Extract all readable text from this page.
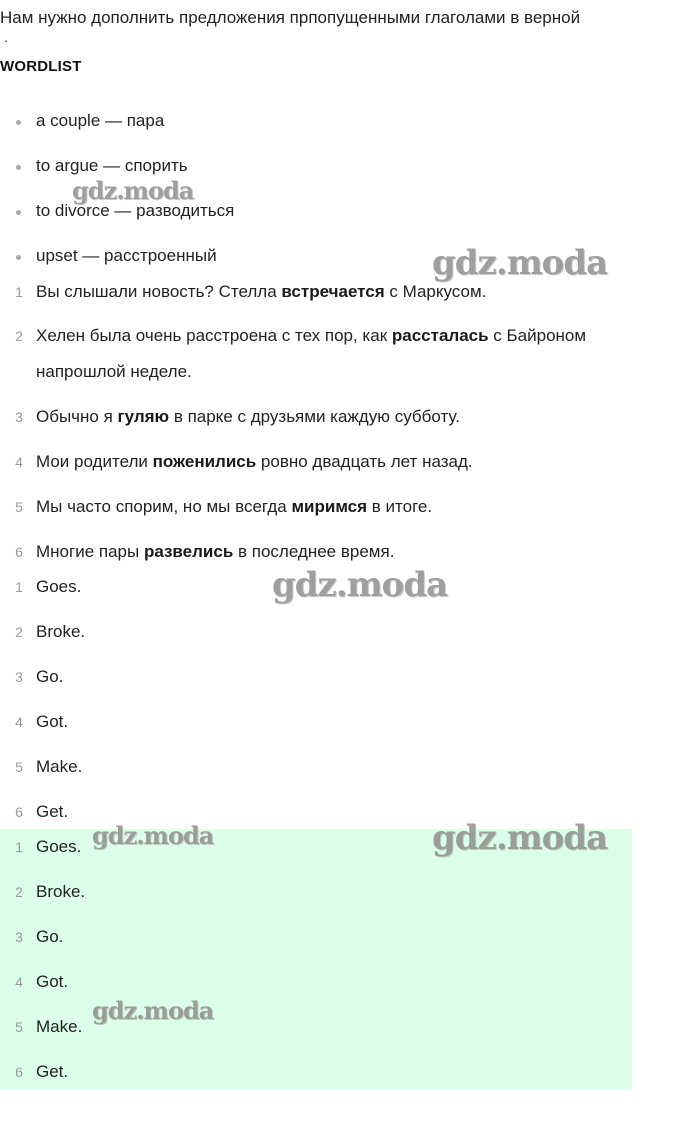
Нам нужно дополнить предложения прпопущенными глаголами в верной
.
WORDLIST
a couple — пара
to argue — спорить
to divorce — разводиться
upset — расстроенный
1 Вы слышали новость? Стелла встречается с Маркусом.
2 Хелен была очень расстроена с тех пор, как рассталась с Байроном
напрошлой неделе.
3 Обычно я гуляю в парке с друзьями каждую субботу.
4 Мои родители поженились ровно двадцать лет назад.
5 Мы часто спорим, но мы всегда миримся в итоге.
6 Многие пары развелись в последнее время.
1 Goes.
2 Broke.
3 Go.
4 Got.
5 Make.
6 Get.
1 Goes.
2 Broke.
3 Go.
4 Got.
5 Make.
6 Get.
gdz.moda
gdz.moda
gdz.moda
gdz.moda	gdz.moda
gdz.moda
